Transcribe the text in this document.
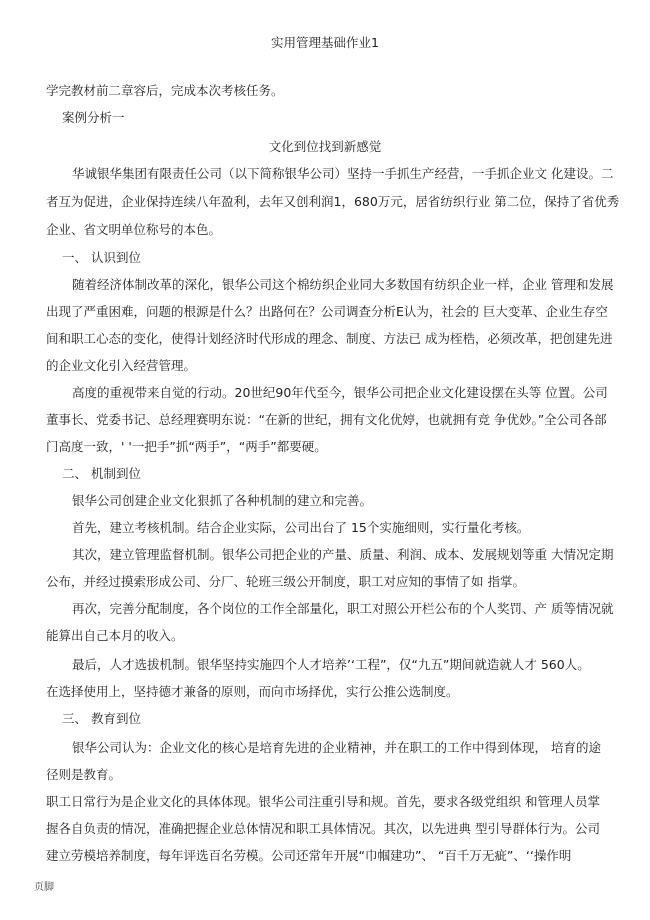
实用管理基础作业1
学完教材前二章容后，完成本次考核任务。
案例分析一
文化到位找到新感觉
华诚银华集团有限责任公司（以下简称银华公司）坚持一手抓生产经营，一手抓企业文 化建设。二
者互为促进，企业保持连续八年盈利，去年又创利润1，680万元，居省纺织行业 第二位，保持了省优秀
企业、省文明单位称号的本色。
一、 认识到位
随着经济体制改革的深化，银华公司这个棉纺织企业同大多数国有纺织企业一样，企业 管理和发展
出现了严重困难，问题的根源是什么？出路何在？公司调查分析E认为，社会的 巨大变革、企业生存空
间和职工心态的变化，使得计划经济时代形成的理念、制度、方法已 成为桎梏，必须改革，把创建先进
的企业文化引入经营管理。
高度的重视带来自觉的行动。20世纪90年代至今，银华公司把企业文化建设摆在头等 位置。公司
董事长、党委书记、总经理赛明东说：“在新的世纪，拥有文化优婷，也就拥有竞 争优妙。”全公司各部
门高度一致，' '一把手”抓“两手”，“两手”都要硬。
二、 机制到位
银华公司创建企业文化狠抓了各种机制的建立和完善。
首先，建立考核机制。结合企业实际，公司出台了 15个实施细则，实行量化考核。
其次，建立管理监督机制。银华公司把企业的产量、质量、利润、成本、发展规划等重 大情况定期
公布，并经过摸索形成公司、分厂、轮班三级公开制度，职工对应知的事情了如 指掌。
再次，完善分配制度，各个岗位的工作全部量化，职工对照公开栏公布的个人奖罚、产 质等情况就
能算出自己本月的收入。
最后，人才选拔机制。银华坚持实施四个人才培养’‘工程”，仅“九五”期间就造就人才 560人。
在选择使用上，坚持德才兼备的原则，而向市场择优，实行公推公选制度。
三、 教育到位
银华公司认为：企业文化的核心是培育先进的企业精神，并在职工的工作中得到体现， 培育的途
径则是教育。
职工日常行为是企业文化的具体体现。银华公司注重引导和规。首先，要求各级党组织 和管理人员掌
握各自负责的情况，准确把握企业总体情况和职工具体情况。其次，以先进典 型引导群体行为。公司
建立劳模培养制度，每年评选百名劳模。公司还常年开展“巾帼建功”、 “百千万无疵”、‘‘操作明
页脚
